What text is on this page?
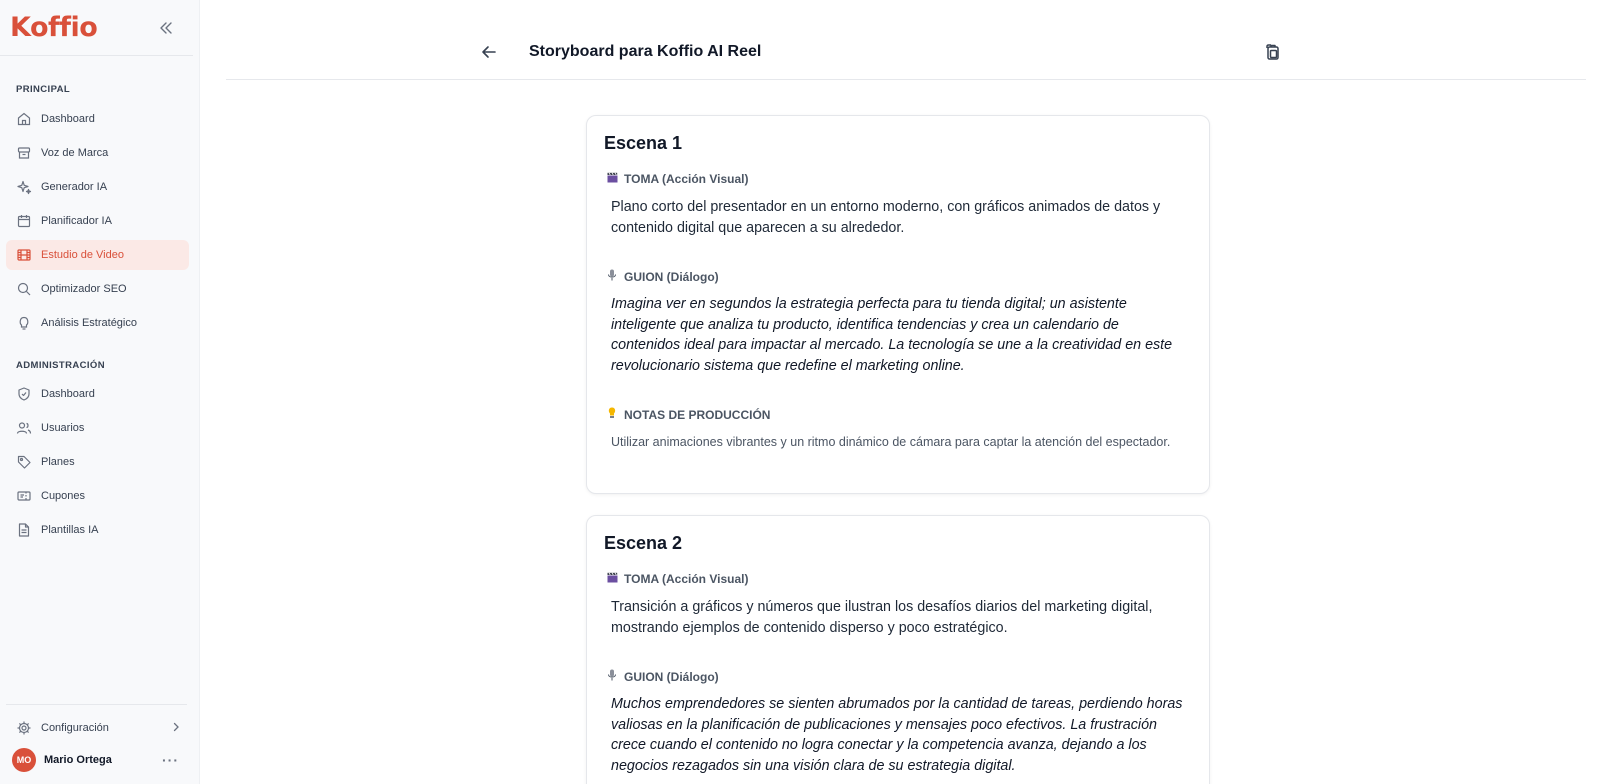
Koffio
PRINCIPAL
Dashboard
Voz de Marca
Generador IA
Planificador IA
Estudio de Video
Optimizador SEO
Análisis Estratégico
ADMINISTRACIÓN
Dashboard
Usuarios
Planes
Cupones
Plantillas IA
Configuración
MO	Mario Ortega	···
Storyboard para Koffio AI Reel
Escena 1
TOMA (Acción Visual)

Plano corto del presentador en un entorno moderno, con gráficos animados de datos y contenido digital que aparecen a su alrededor.

GUION (Diálogo)

Imagina ver en segundos la estrategia perfecta para tu tienda digital; un asistente inteligente que analiza tu producto, identifica tendencias y crea un calendario de contenidos ideal para impactar al mercado. La tecnología se une a la creatividad en este revolucionario sistema que redefine el marketing online.

NOTAS DE PRODUCCIÓN

Utilizar animaciones vibrantes y un ritmo dinámico de cámara para captar la atención del espectador.

Escena 2
TOMA (Acción Visual)

Transición a gráficos y números que ilustran los desafíos diarios del marketing digital, mostrando ejemplos de contenido disperso y poco estratégico.

GUION (Diálogo)

Muchos emprendedores se sienten abrumados por la cantidad de tareas, perdiendo horas valiosas en la planificación de publicaciones y mensajes poco efectivos. La frustración crece cuando el contenido no logra conectar y la competencia avanza, dejando a los negocios rezagados sin una visión clara de su estrategia digital.
